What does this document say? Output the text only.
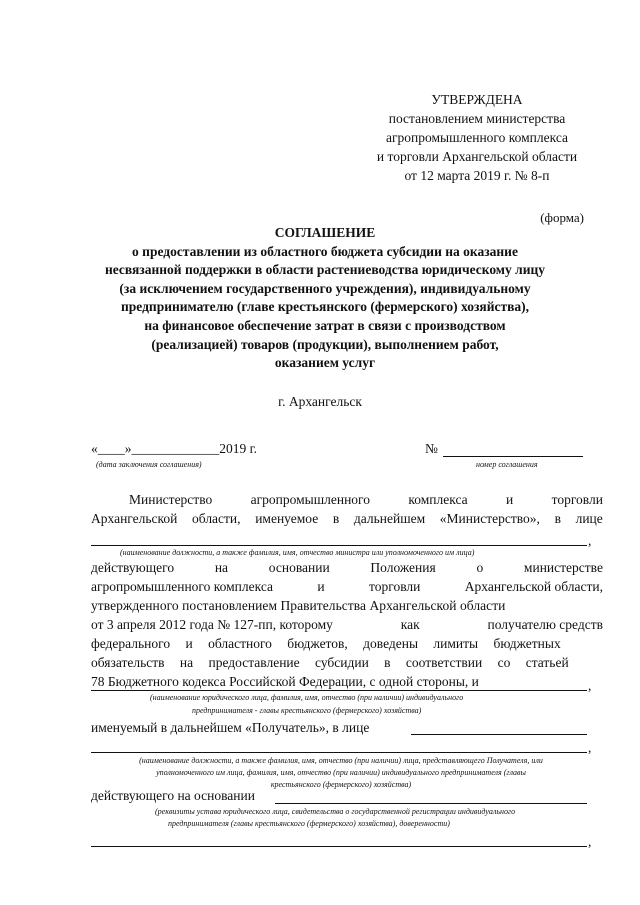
УТВЕРЖДЕНА
постановлением министерства
агропромышленного комплекса
и торговли Архангельской области
от 12 марта 2019 г. № 8-п
(форма)
СОГЛАШЕНИЕ
о предоставлении из областного бюджета субсидии на оказание
несвязанной поддержки в области растениеводства юридическому лицу
(за исключением государственного учреждения), индивидуальному
предпринимателю (главе крестьянского (фермерского) хозяйства),
на финансовое обеспечение затрат в связи с производством
(реализацией) товаров (продукции), выполнением работ,
оказанием услуг
г. Архангельск
«____»_____________2019 г.
(дата заключения соглашения)
№
номер соглашения
Министерство	агропромышленного	комплекса	и	торговли
Архангельской области, именуемое в дальнейшем «Министерство», в лице
,
(наименование должности, а также фамилия, имя, отчество министра или уполномоченного им лица)
действующего	на	основании	Положения	о	министерстве
агропромышленного комплекса	и	торговли	Архангельской области,
утвержденного постановлением Правительства Архангельской области
от 3 апреля 2012 года № 127-пп, которому	как	получателю средств
федерального и областного бюджетов, доведены лимиты бюджетных
обязательств на предоставление субсидии в соответствии со статьей
78 Бюджетного кодекса Российской Федерации, с одной стороны, и	,
(наименование юридического лица, фамилия, имя, отчество (при наличии) индивидуального
предпринимателя - главы крестьянского (фермерского) хозяйства)
именуемый в дальнейшем «Получатель», в лице
,
(наименование должности, а также фамилия, имя, отчество (при наличии) лица, представляющего Получателя, или
уполномоченного им лица, фамилия, имя, отчество (при наличии) индивидуального предпринимателя (главы
крестьянского (фермерского) хозяйства)
действующего на основании
(реквизиты устава юридического лица, свидетельства о государственной регистрации индивидуального
предпринимателя (главы крестьянского (фермерского) хозяйства), доверенности)
,
